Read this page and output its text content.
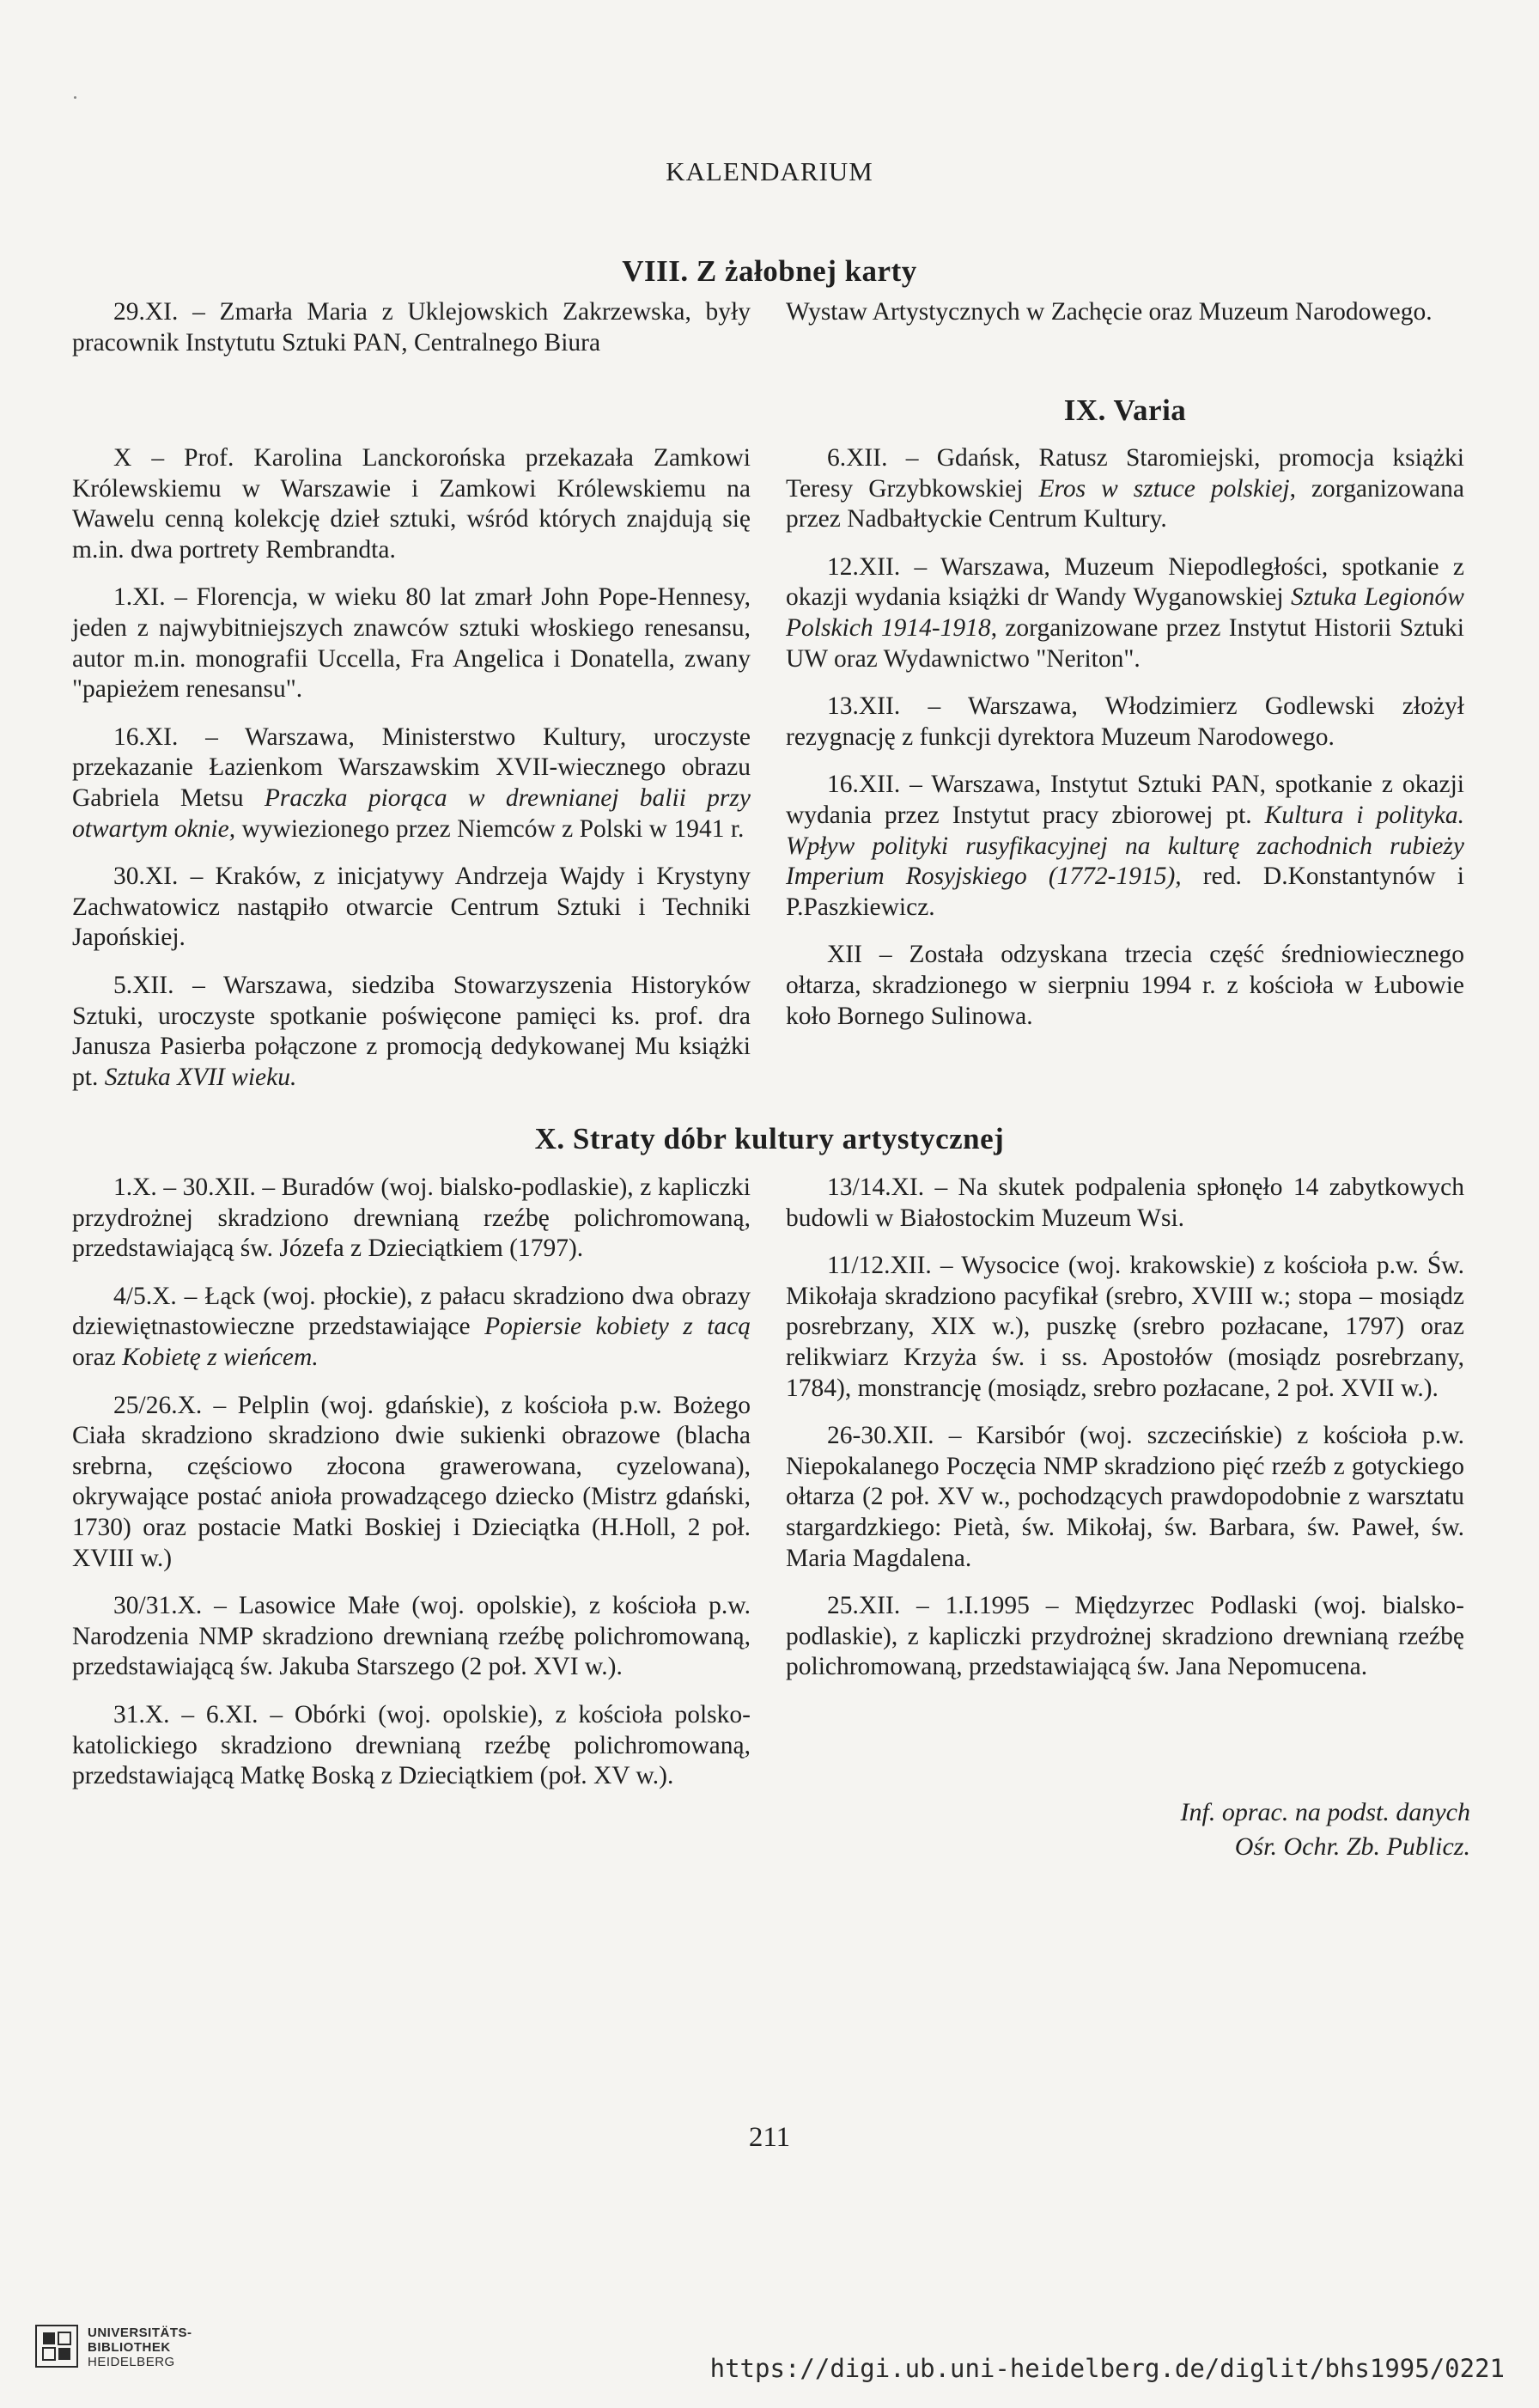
KALENDARIUM
VIII. Z żałobnej karty

29.XI. – Zmarła Maria z Uklejowskich Zakrzewska, były pracownik Instytutu Sztuki PAN, Centralnego Biura

Wystaw Artystycznych w Zachęcie oraz Muzeum Narodowego.

IX. Varia

X – Prof. Karolina Lanckorońska przekazała Zamkowi Królewskiemu w Warszawie i Zamkowi Królewskiemu na Wawelu cenną kolekcję dzieł sztuki, wśród których znajdują się m.in. dwa portrety Rembrandta.

1.XI. – Florencja, w wieku 80 lat zmarł John Pope-Hennesy, jeden z najwybitniejszych znawców sztuki włoskiego renesansu, autor m.in. monografii Uccella, Fra Angelica i Donatella, zwany "papieżem renesansu".

16.XI. – Warszawa, Ministerstwo Kultury, uroczyste przekazanie Łazienkom Warszawskim XVII-wiecznego obrazu Gabriela Metsu Praczka piorąca w drewnianej balii przy otwartym oknie, wywiezionego przez Niemców z Polski w 1941 r.

30.XI. – Kraków, z inicjatywy Andrzeja Wajdy i Krystyny Zachwatowicz nastąpiło otwarcie Centrum Sztuki i Techniki Japońskiej.

5.XII. – Warszawa, siedziba Stowarzyszenia Historyków Sztuki, uroczyste spotkanie poświęcone pamięci ks. prof. dra Janusza Pasierba połączone z promocją dedykowanej Mu książki pt. Sztuka XVII wieku.

6.XII. – Gdańsk, Ratusz Staromiejski, promocja książki Teresy Grzybkowskiej Eros w sztuce polskiej, zorganizowana przez Nadbałtyckie Centrum Kultury.

12.XII. – Warszawa, Muzeum Niepodległości, spotkanie z okazji wydania książki dr Wandy Wyganowskiej Sztuka Legionów Polskich 1914-1918, zorganizowane przez Instytut Historii Sztuki UW oraz Wydawnictwo "Neriton".

13.XII. – Warszawa, Włodzimierz Godlewski złożył rezygnację z funkcji dyrektora Muzeum Narodowego.

16.XII. – Warszawa, Instytut Sztuki PAN, spotkanie z okazji wydania przez Instytut pracy zbiorowej pt. Kultura i polityka. Wpływ polityki rusyfikacyjnej na kulturę zachodnich rubieży Imperium Rosyjskiego (1772-1915), red. D.Konstantynów i P.Paszkiewicz.

XII – Została odzyskana trzecia część średniowiecznego ołtarza, skradzionego w sierpniu 1994 r. z kościoła w Łubowie koło Bornego Sulinowa.

X. Straty dóbr kultury artystycznej

1.X. – 30.XII. – Buradów (woj. bialsko-podlaskie), z kapliczki przydrożnej skradziono drewnianą rzeźbę polichromowaną, przedstawiającą św. Józefa z Dzieciątkiem (1797).

4/5.X. – Łąck (woj. płockie), z pałacu skradziono dwa obrazy dziewiętnastowieczne przedstawiające Popiersie kobiety z tacą oraz Kobietę z wieńcem.

25/26.X. – Pelplin (woj. gdańskie), z kościoła p.w. Bożego Ciała skradziono skradziono dwie sukienki obrazowe (blacha srebrna, częściowo złocona grawerowana, cyzelowana), okrywające postać anioła prowadzącego dziecko (Mistrz gdański, 1730) oraz postacie Matki Boskiej i Dzieciątka (H.Holl, 2 poł. XVIII w.)

30/31.X. – Lasowice Małe (woj. opolskie), z kościoła p.w. Narodzenia NMP skradziono drewnianą rzeźbę polichromowaną, przedstawiającą św. Jakuba Starszego (2 poł. XVI w.).

31.X. – 6.XI. – Obórki (woj. opolskie), z kościoła polsko-katolickiego skradziono drewnianą rzeźbę polichromowaną, przedstawiającą Matkę Boską z Dzieciątkiem (poł. XV w.).

13/14.XI. – Na skutek podpalenia spłonęło 14 zabytkowych budowli w Białostockim Muzeum Wsi.

11/12.XII. – Wysocice (woj. krakowskie) z kościoła p.w. Św. Mikołaja skradziono pacyfikał (srebro, XVIII w.; stopa – mosiądz posrebrzany, XIX w.), puszkę (srebro pozłacane, 1797) oraz relikwiarz Krzyża św. i ss. Apostołów (mosiądz posrebrzany, 1784), monstrancję (mosiądz, srebro pozłacane, 2 poł. XVII w.).

26-30.XII. – Karsibór (woj. szczecińskie) z kościoła p.w. Niepokalanego Poczęcia NMP skradziono pięć rzeźb z gotyckiego ołtarza (2 poł. XV w., pochodzących prawdopodobnie z warsztatu stargardzkiego: Pietà, św. Mikołaj, św. Barbara, św. Paweł, św. Maria Magdalena.

25.XII. – 1.I.1995 – Międzyrzec Podlaski (woj. bialsko-podlaskie), z kapliczki przydrożnej skradziono drewnianą rzeźbę polichromowaną, przedstawiającą św. Jana Nepomucena.

Inf. oprac. na podst. danych
Ośr. Ochr. Zb. Publicz.
211
UNIVERSITÄTS-
BIBLIOTHEK
HEIDELBERG	https://digi.ub.uni-heidelberg.de/diglit/bhs1995/0221
